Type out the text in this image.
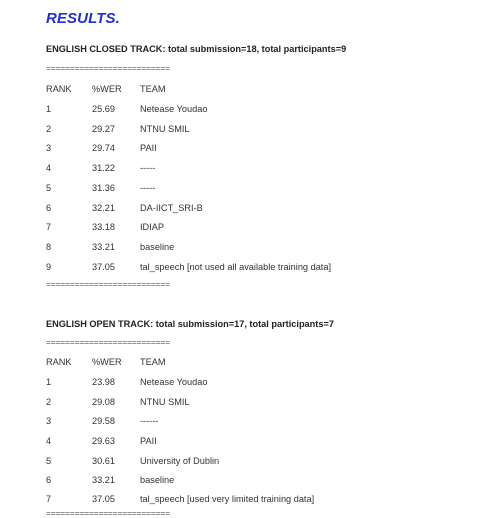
RESULTS.
ENGLISH CLOSED TRACK: total submission=18, total participants=9
==========================
RANK %WER TEAM
1	25.69	Netease Youdao
2	29.27	NTNU SMIL
3	29.74	PAII
4	31.22	-----
5	31.36	-----
6	32.21	DA-IICT_SRI-B
7	33.18	IDIAP
8	33.21	baseline
9	37.05	tal_speech [not used all available training data]
==========================
ENGLISH OPEN TRACK: total submission=17, total participants=7
==========================
RANK %WER TEAM
1	23.98	Netease Youdao
2	29.08	NTNU SMIL
3	29.58	------
4	29.63	PAII
5	30.61	University of Dublin
6	33.21	baseline
7	37.05	tal_speech [used very limited training data]
==========================
